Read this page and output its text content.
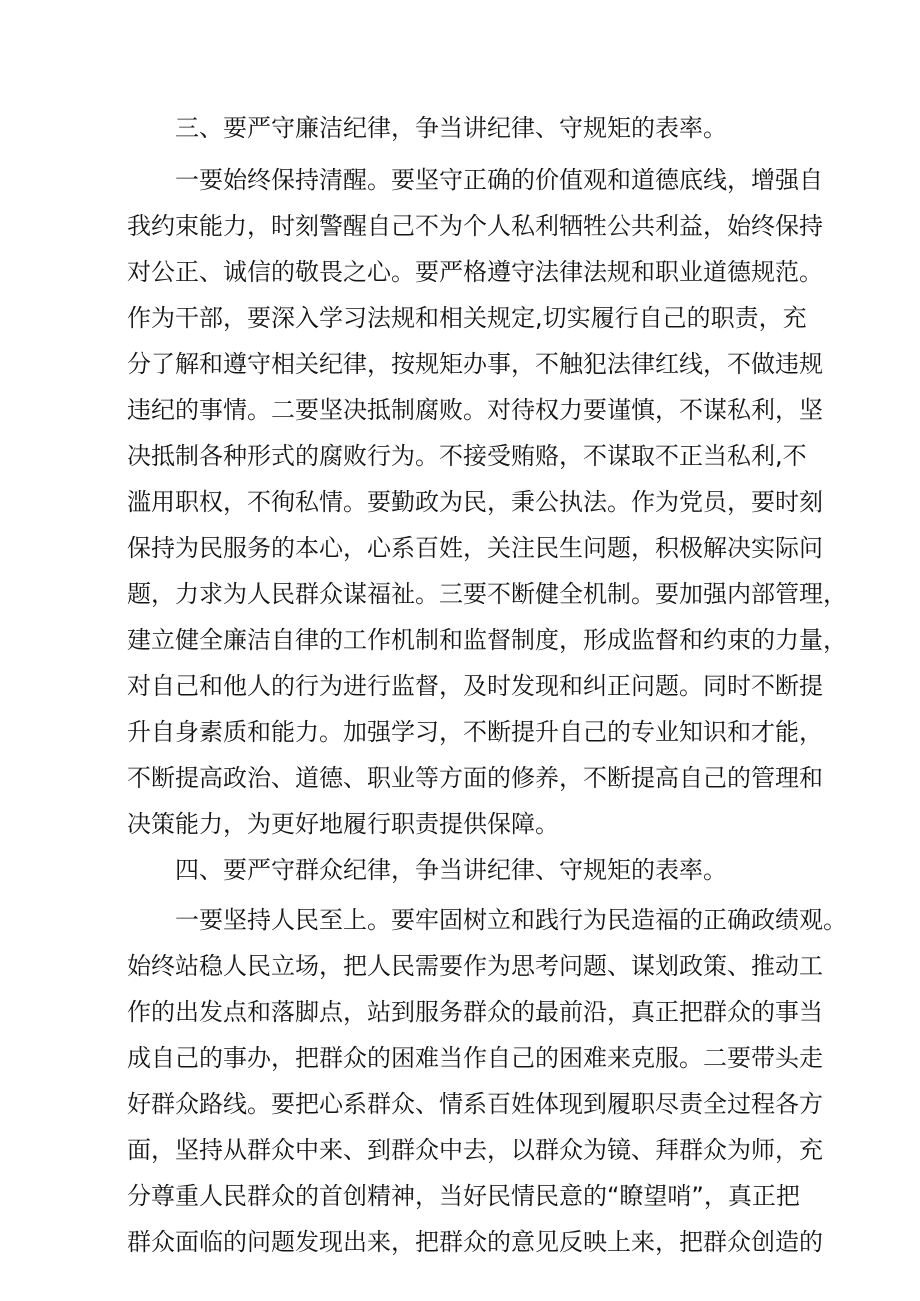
三、要严守廉洁纪律，争当讲纪律、守规矩的表率。
一要始终保持清醒。要坚守正确的价值观和道德底线，增强自
我约束能力，时刻警醒自己不为个人私利牺牲公共利益，始终保持
对公正、诚信的敬畏之心。要严格遵守法律法规和职业道德规范。
作为干部，要深入学习法规和相关规定,切实履行自己的职责，充
分了解和遵守相关纪律，按规矩办事，不触犯法律红线，不做违规
违纪的事情。二要坚决抵制腐败。对待权力要谨慎，不谋私利，坚
决抵制各种形式的腐败行为。不接受贿赂，不谋取不正当私利,不
滥用职权，不徇私情。要勤政为民，秉公执法。作为党员，要时刻
保持为民服务的本心，心系百姓，关注民生问题，积极解决实际问
题，力求为人民群众谋福祉。三要不断健全机制。要加强内部管理，
建立健全廉洁自律的工作机制和监督制度，形成监督和约束的力量，
对自己和他人的行为进行监督，及时发现和纠正问题。同时不断提
升自身素质和能力。加强学习，不断提升自己的专业知识和才能，
不断提高政治、道德、职业等方面的修养，不断提高自己的管理和
决策能力，为更好地履行职责提供保障。
四、要严守群众纪律，争当讲纪律、守规矩的表率。
一要坚持人民至上。要牢固树立和践行为民造福的正确政绩观。
始终站稳人民立场，把人民需要作为思考问题、谋划政策、推动工
作的出发点和落脚点，站到服务群众的最前沿，真正把群众的事当
成自己的事办，把群众的困难当作自己的困难来克服。二要带头走
好群众路线。要把心系群众、情系百姓体现到履职尽责全过程各方
面，坚持从群众中来、到群众中去，以群众为镜、拜群众为师，充
分尊重人民群众的首创精神，当好民情民意的“瞭望哨”，真正把
群众面临的问题发现出来，把群众的意见反映上来，把群众创造的
